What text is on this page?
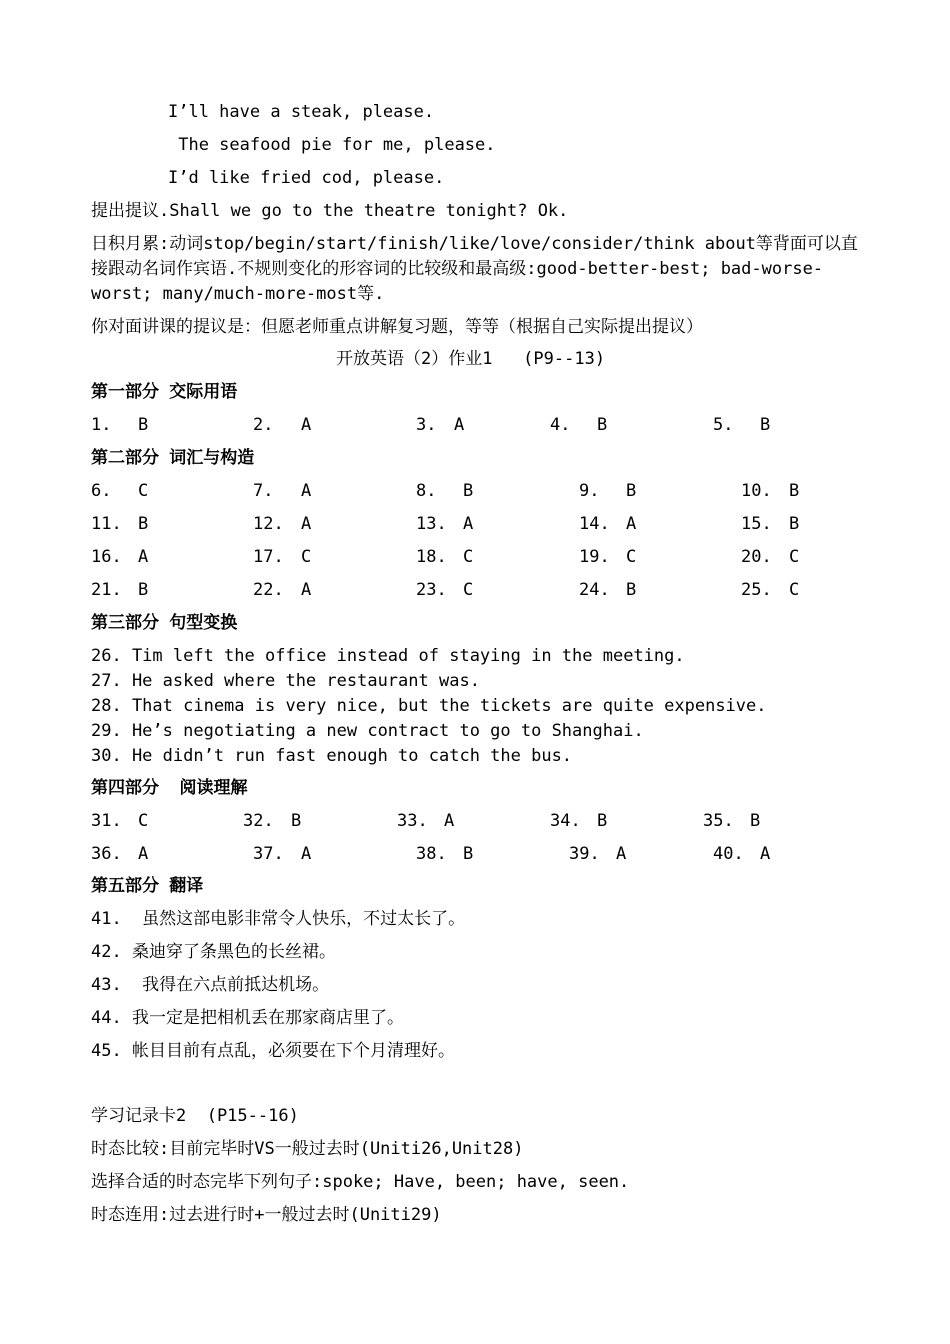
I’ll have a steak, please.
The seafood pie for me, please.
I’d like fried cod, please.
提出提议.Shall we go to the theatre tonight? Ok.
日积月累:动词stop/begin/start/finish/like/love/consider/think about等背面可以直
接跟动名词作宾语.不规则变化的形容词的比较级和最高级:good-better-best; bad-worse-
worst; many/much-more-most等.
你对面讲课的提议是：但愿老师重点讲解复习题，等等（根据自己实际提出提议）
开放英语（2）作业1   (P9--13)
第一部分 交际用语
1. B	2. A	3. A	4. B	5. B
第二部分 词汇与构造
6. C	7. A	8. B	9. B	10. B
11. B	12. A	13. A	14. A	15. B
16. A	17. C	18. C	19. C	20. C
21. B	22. A	23. C	24. B	25. C
第三部分 句型变换
26. Tim left the office instead of staying in the meeting.
27. He asked where the restaurant was.
28. That cinema is very nice, but the tickets are quite expensive.
29. He’s negotiating a new contract to go to Shanghai.
30. He didn’t run fast enough to catch the bus.
第四部分  阅读理解
31. C	32. B	33. A	34. B	35. B
36. A	37. A	38. B	39. A	40. A
第五部分 翻译
41.  虽然这部电影非常令人快乐，不过太长了。
42. 桑迪穿了条黑色的长丝裙。
43.  我得在六点前抵达机场。
44. 我一定是把相机丢在那家商店里了。
45. 帐目目前有点乱，必须要在下个月清理好。
学习记录卡2  (P15--16)
时态比较:目前完毕时VS一般过去时(Uniti26,Unit28)
选择合适的时态完毕下列句子:spoke; Have, been; have, seen.
时态连用:过去进行时+一般过去时(Uniti29)
